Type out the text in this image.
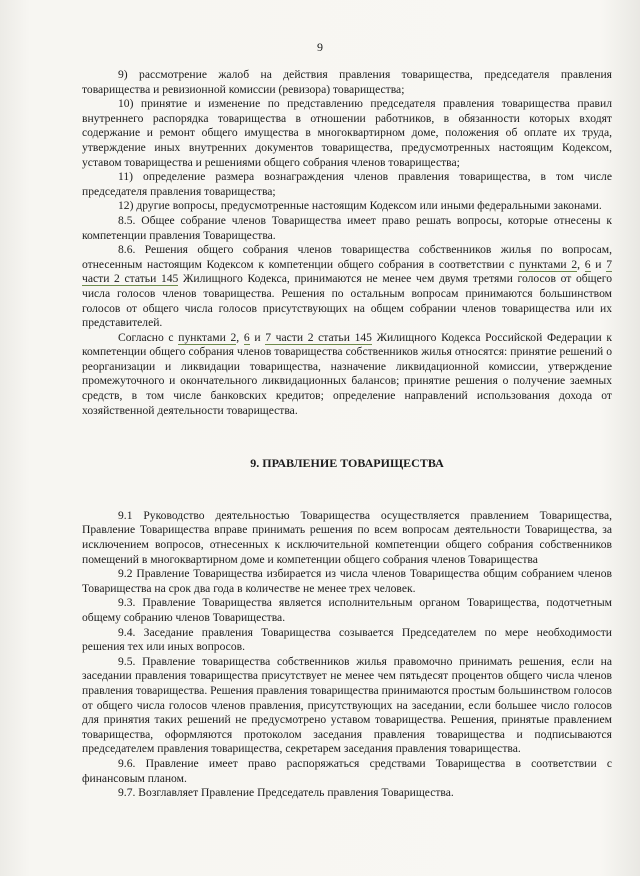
9

9) рассмотрение жалоб на действия правления товарищества, председателя правления товарищества и ревизионной комиссии (ревизора) товарищества;

10) принятие и изменение по представлению председателя правления товарищества правил внутреннего распорядка товарищества в отношении работников, в обязанности которых входят содержание и ремонт общего имущества в многоквартирном доме, положения об оплате их труда, утверждение иных внутренних документов товарищества, предусмотренных настоящим Кодексом, уставом товарищества и решениями общего собрания членов товарищества;

11) определение размера вознаграждения членов правления товарищества, в том числе председателя правления товарищества;

12) другие вопросы, предусмотренные настоящим Кодексом или иными федеральными законами.

8.5. Общее собрание членов Товарищества имеет право решать вопросы, которые отнесены к компетенции правления Товарищества.

8.6. Решения общего собрания членов товарищества собственников жилья по вопросам, отнесенным настоящим Кодексом к компетенции общего собрания в соответствии с пунктами 2, 6 и 7 части 2 статьи 145 Жилищного Кодекса, принимаются не менее чем двумя третями голосов от общего числа голосов членов товарищества. Решения по остальным вопросам принимаются большинством голосов от общего числа голосов присутствующих на общем собрании членов товарищества или их представителей.

Согласно с пунктами 2, 6 и 7 части 2 статьи 145 Жилищного Кодекса Российской Федерации к компетенции общего собрания членов товарищества собственников жилья относятся: принятие решений о реорганизации и ликвидации товарищества, назначение ликвидационной комиссии, утверждение промежуточного и окончательного ликвидационных балансов; принятие решения о получение заемных средств, в том числе банковских кредитов; определение направлений использования дохода от хозяйственной деятельности товарищества.

9. ПРАВЛЕНИЕ ТОВАРИЩЕСТВА

9.1 Руководство деятельностью Товарищества осуществляется правлением Товарищества, Правление Товарищества вправе принимать решения по всем вопросам деятельности Товарищества, за исключением вопросов, отнесенных к исключительной компетенции общего собрания собственников помещений в многоквартирном доме и компетенции общего собрания членов Товарищества

9.2 Правление Товарищества избирается из числа членов Товарищества общим собранием членов Товарищества на срок два года в количестве не менее трех человек.

9.3. Правление Товарищества является исполнительным органом Товарищества, подотчетным общему собранию членов Товарищества.

9.4. Заседание правления Товарищества созывается Председателем по мере необходимости решения тех или иных вопросов.

9.5. Правление товарищества собственников жилья правомочно принимать решения, если на заседании правления товарищества присутствует не менее чем пятьдесят процентов общего числа членов правления товарищества. Решения правления товарищества принимаются простым большинством голосов от общего числа голосов членов правления, присутствующих на заседании, если большее число голосов для принятия таких решений не предусмотрено уставом товарищества. Решения, принятые правлением товарищества, оформляются протоколом заседания правления товарищества и подписываются председателем правления товарищества, секретарем заседания правления товарищества.

9.6. Правление имеет право распоряжаться средствами Товарищества в соответствии с финансовым планом.

9.7. Возглавляет Правление Председатель правления Товарищества.
